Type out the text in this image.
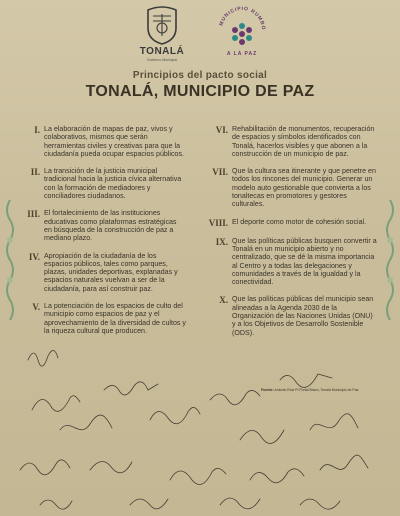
TONALÁ
Gobierno Municipal
MUNICIPIO RUMBO
A LA PAZ
Principios del pacto social
TONALÁ, MUNICIPIO DE PAZ
I. La elaboración de mapas de paz, vivos y colaborativos, mismos que serán herramientas civiles y creativas para que la ciudadanía pueda ocupar espacios públicos.
II. La transición de la justicia municipal tradicional hacia la justicia cívica alternativa con la formación de mediadores y conciliadores ciudadanos.
III. El fortalecimiento de las instituciones educativas como plataformas estratégicas en búsqueda de la construcción de paz a mediano plazo.
IV. Apropiación de la ciudadanía de los espacios públicos, tales como parques, plazas, unidades deportivas, explanadas y espacios naturales vuelvan a ser de la ciudadanía, para así construir paz.
V. La potenciación de los espacios de culto del municipio como espacios de paz y el aprovechamiento de la diversidad de cultos y la riqueza cultural que producen.
VI. Rehabilitación de monumentos, recuperación de espacios y símbolos identificados con Tonalá, hacerlos visibles y que abonen a la construcción de un municipio de paz.
VII. Que la cultura sea itinerante y que penetre en todos los rincones del municipio. Generar un modelo auto gestionable que convierta a los tonaltecas en promotores y gestores culturales.
VIII. El deporte como motor de cohesión social.
IX. Que las políticas públicas busquen convertir a Tonalá en un municipio abierto y no centralizado, que se dé la misma importancia al Centro y a todas las delegaciones y comunidades a través de la igualdad y la conectividad.
X. Que las políticas públicas del municipio sean alineadas a la Agenda 2030 de la Organización de las Naciones Unidas (ONU) y a los Objetivos de Desarrollo Sostenible (ODS).
Fuente: Antonio Ruiz Pl Portal Bravo, Tonalá Municipio de Paz.
